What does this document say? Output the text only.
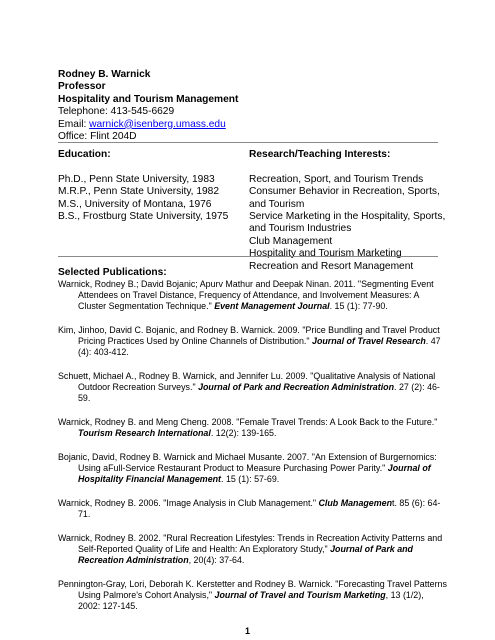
Rodney B. Warnick
Professor
Hospitality and Tourism Management
Telephone: 413-545-6629
Email: warnick@isenberg.umass.edu
Office: Flint 204D
Education:
Ph.D., Penn State University, 1983
M.R.P., Penn State University, 1982
M.S., University of Montana, 1976
B.S., Frostburg State University, 1975
Research/Teaching Interests:
Recreation, Sport, and Tourism Trends
Consumer Behavior in Recreation, Sports,
and Tourism
Service Marketing in the Hospitality, Sports,
and Tourism Industries
Club Management
Hospitality and Tourism Marketing
Recreation and Resort Management
Selected Publications:

Warnick, Rodney B.; David Bojanic; Apurv Mathur and Deepak Ninan. 2011. "Segmenting Event Attendees on Travel Distance, Frequency of Attendance, and Involvement Measures: A Cluster Segmentation Technique." Event Management Journal. 15 (1): 77-90.

Kim, Jinhoo, David C. Bojanic, and Rodney B. Warnick. 2009. "Price Bundling and Travel Product Pricing Practices Used by Online Channels of Distribution." Journal of Travel Research. 47 (4): 403-412.

Schuett, Michael A., Rodney B. Warnick, and Jennifer Lu. 2009. "Qualitative Analysis of National Outdoor Recreation Surveys." Journal of Park and Recreation Administration. 27 (2): 46-59.

Warnick, Rodney B. and Meng Cheng. 2008. "Female Travel Trends: A Look Back to the Future." Tourism Research International. 12(2): 139-165.

Bojanic, David, Rodney B. Warnick and Michael Musante. 2007. "An Extension of Burgernomics: Using aFull-Service Restaurant Product to Measure Purchasing Power Parity." Journal of Hospitality Financial Management. 15 (1): 57-69.

Warnick, Rodney B. 2006. "Image Analysis in Club Management." Club Management. 85 (6): 64-71.

Warnick, Rodney B. 2002. "Rural Recreation Lifestyles: Trends in Recreation Activity Patterns and Self-Reported Quality of Life and Health: An Exploratory Study," Journal of Park and Recreation Administration, 20(4): 37-64.

Pennington-Gray, Lori, Deborah K. Kerstetter and Rodney B. Warnick. "Forecasting Travel Patterns Using Palmore's Cohort Analysis," Journal of Travel and Tourism Marketing, 13 (1/2), 2002: 127-145.

1
